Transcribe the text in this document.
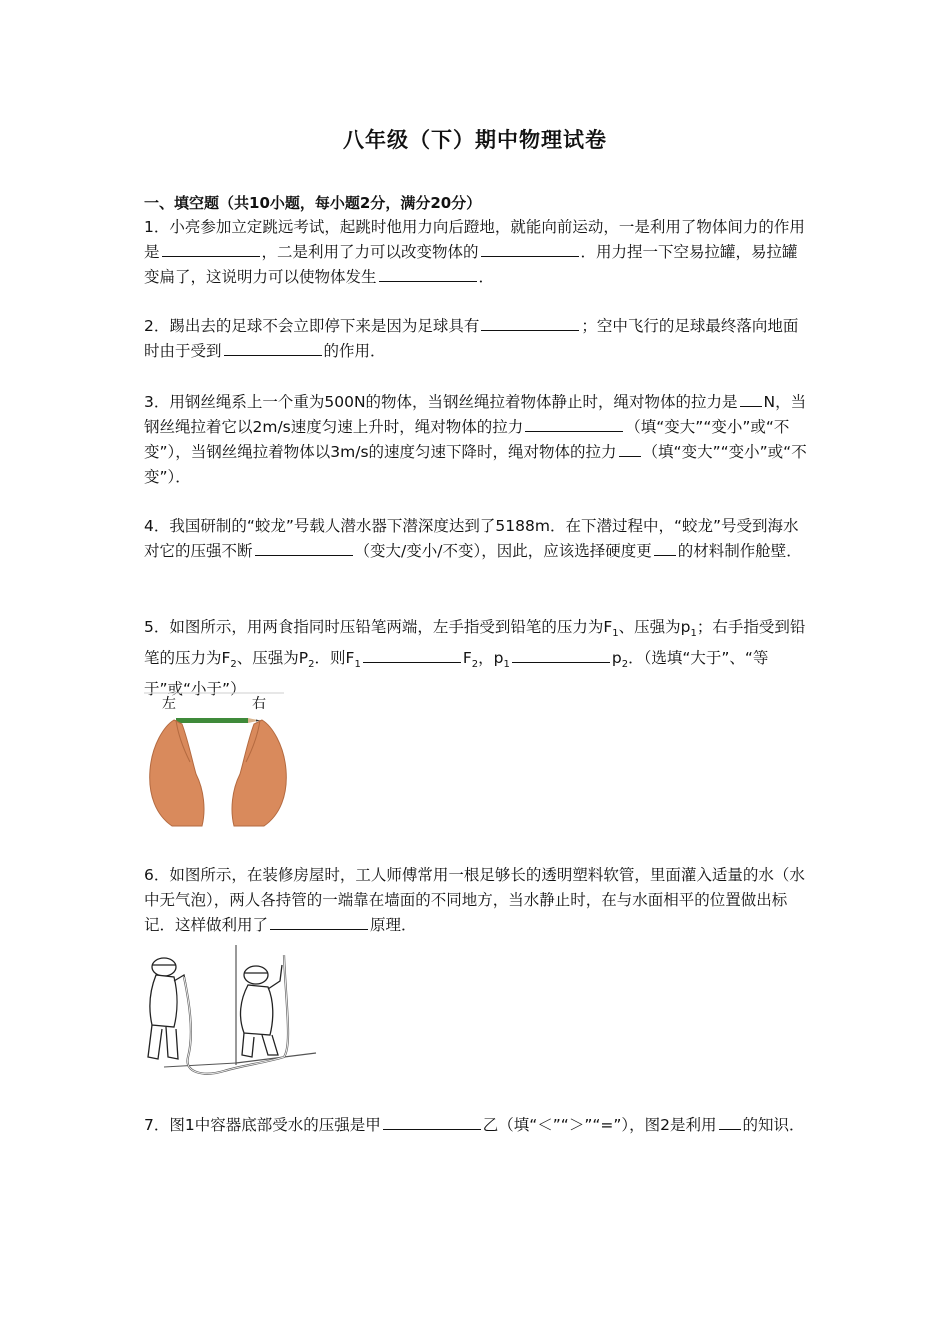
八年级（下）期中物理试卷
一、填空题（共10小题，每小题2分，满分20分）
1．小亮参加立定跳远考试，起跳时他用力向后蹬地，就能向前运动，一是利用了物体间力的作用是	，二是利用了力可以改变物体的	．用力捏一下空易拉罐，易拉罐变扁了，这说明力可以使物体发生	．
2．踢出去的足球不会立即停下来是因为足球具有	；空中飞行的足球最终落向地面时由于受到	的作用．
3．用钢丝绳系上一个重为500N的物体，当钢丝绳拉着物体静止时，绳对物体的拉力是 N，当钢丝绳拉着它以2m/s速度匀速上升时，绳对物体的拉力	（填“变大”“变小”或“不变”），当钢丝绳拉着物体以3m/s的速度匀速下降时，绳对物体的拉力 （填“变大”“变小”或“不变”）．
4．我国研制的“蛟龙”号载人潜水器下潜深度达到了5188m．在下潜过程中，“蛟龙”号受到海水对它的压强不断	（变大/变小/不变），因此，应该选择硬度更 的材料制作舱壁．
5．如图所示，用两食指同时压铅笔两端，左手指受到铅笔的压力为$F_1$、压强为$p_1$；右手指受到铅笔的压力为$F_2$、压强为$P_2$．则$F_1$	$F_2$，$p_1$	$p_2$．（选填“大于”、“等于”或“小于”）
左	右
6．如图所示，在装修房屋时，工人师傅常用一根足够长的透明塑料软管，里面灌入适量的水（水中无气泡），两人各持管的一端靠在墙面的不同地方，当水静止时，在与水面相平的位置做出标记．这样做利用了	原理．
7．图1中容器底部受水的压强是甲	乙（填“＜”“＞”“=”），图2是利用 的知识．
